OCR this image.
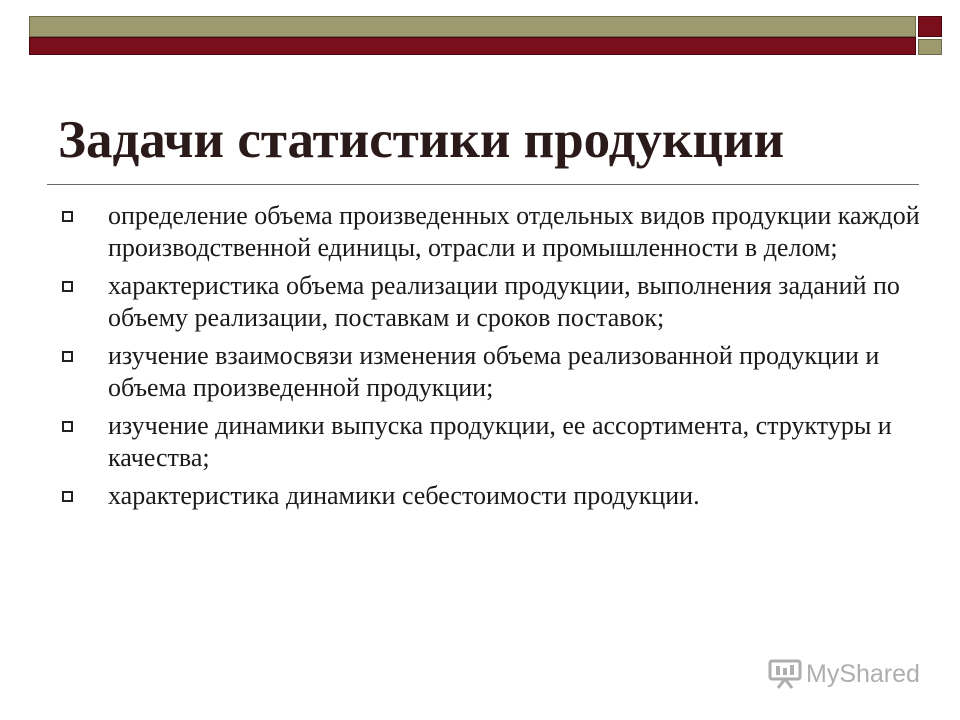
Задачи статистики продукции
определение объема произведенных отдельных видов продукции каждой производственной единицы, отрасли и промышленности в делом;
характеристика объема реализации продукции, выполнения заданий по объему реализации, поставкам и сроков поставок;
изучение взаимосвязи изменения объема реализованной продукции и объема произведенной продукции;
изучение динамики выпуска продукции, ее ассортимента, структуры и качества;
характеристика динамики себестоимости продукции.
MyShared
